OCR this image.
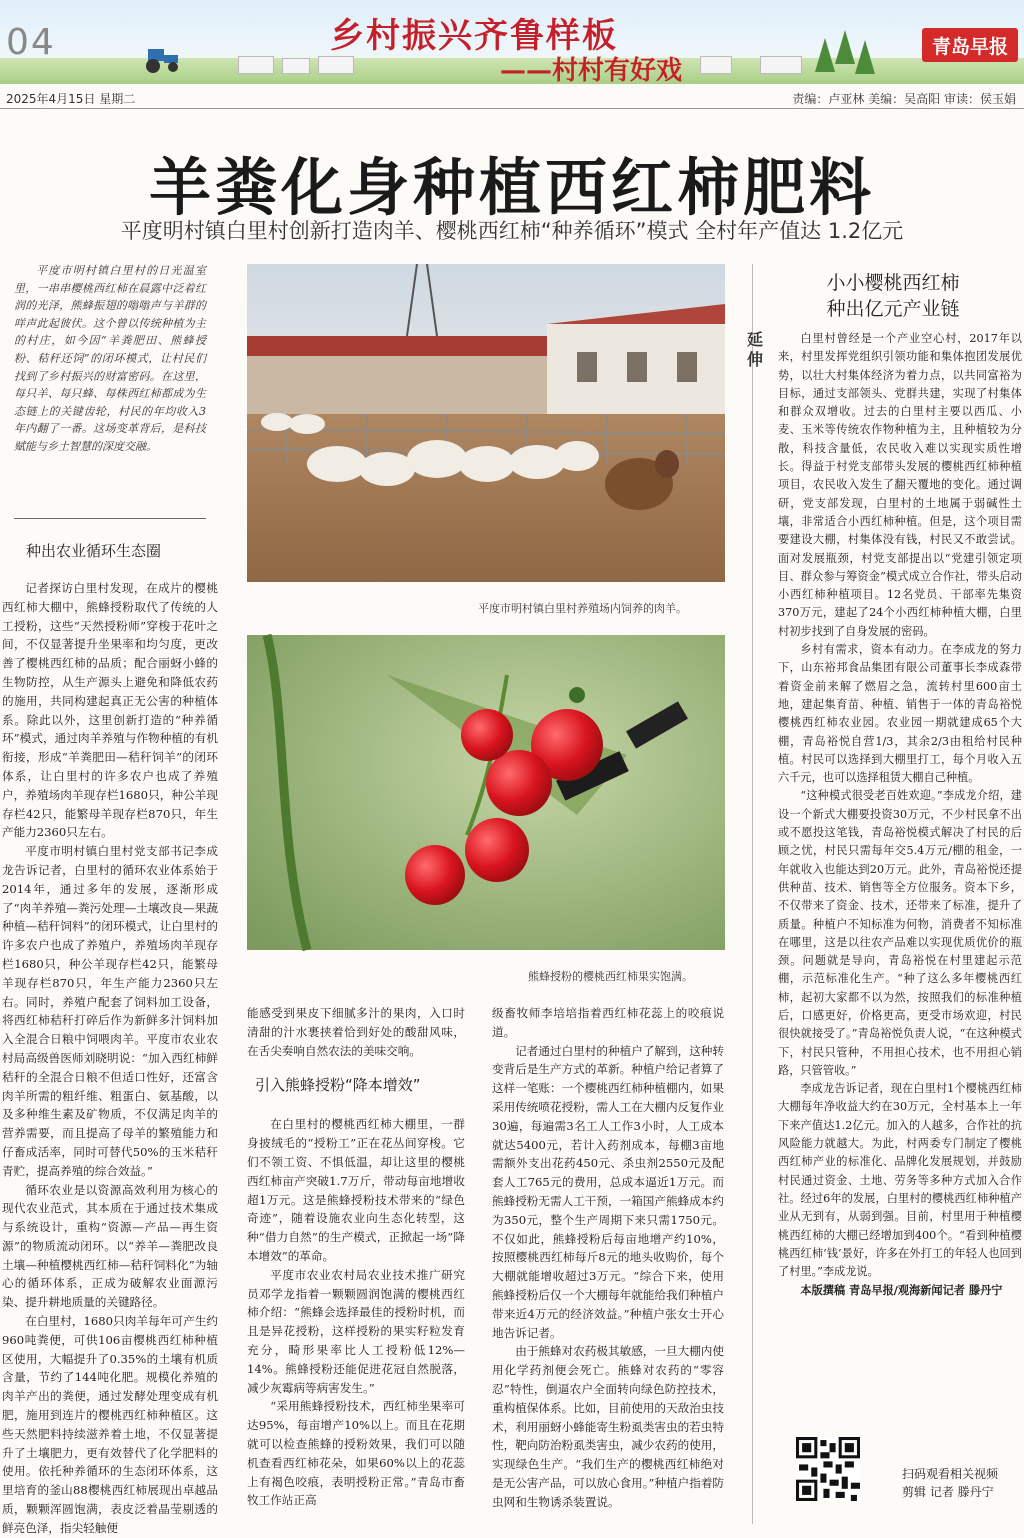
04	乡村振兴齐鲁样板
——村村有好戏
青岛早报
2025年4月15日 星期二	责编：卢亚林 美编：吴高阳 审读：侯玉娟
羊粪化身种植西红柿肥料
平度明村镇白里村创新打造肉羊、樱桃西红柿“种养循环”模式 全村年产值达 1.2亿元

平度市明村镇白里村的日光温室里，一串串樱桃西红柿在晨露中泛着红润的光泽，熊蜂振翅的嗡嗡声与羊群的咩声此起彼伏。这个曾以传统种植为主的村庄，如今因“羊粪肥田、熊蜂授粉、秸秆还饲”的闭环模式，让村民们找到了乡村振兴的财富密码。在这里，每只羊、每只蜂、每株西红柿都成为生态链上的关键齿轮，村民的年均收入3年内翻了一番。这场变革背后，是科技赋能与乡土智慧的深度交融。

种出农业循环生态圈

记者探访白里村发现，在成片的樱桃西红柿大棚中，熊蜂授粉取代了传统的人工授粉，这些“天然授粉师”穿梭于花叶之间，不仅显著提升坐果率和均匀度，更改善了樱桃西红柿的品质；配合丽蚜小蜂的生物防控，从生产源头上避免和降低农药的施用，共同构建起真正无公害的种植体系。除此以外，这里创新打造的“种养循环”模式，通过肉羊养殖与作物种植的有机衔接，形成“羊粪肥田—秸秆饲羊”的闭环体系，让白里村的许多农户也成了养殖户，养殖场肉羊现存栏1680只，种公羊现存栏42只，能繁母羊现存栏870只，年生产能力2360只左右。

平度市明村镇白里村党支部书记李成龙告诉记者，白里村的循环农业体系始于2014年，通过多年的发展，逐渐形成了“肉羊养殖—粪污处理—土壤改良—果蔬种植—秸秆饲料”的闭环模式，让白里村的许多农户也成了养殖户，养殖场肉羊现存栏1680只，种公羊现存栏42只，能繁母羊现存栏870只，年生产能力2360只左右。同时，养殖户配套了饲料加工设备，将西红柿秸秆打碎后作为新鲜多汁饲料加入全混合日粮中饲喂肉羊。平度市农业农村局高级兽医师刘晓明说：“加入西红柿鲜秸秆的全混合日粮不但适口性好，还富含肉羊所需的粗纤维、粗蛋白、氨基酸，以及多种维生素及矿物质，不仅满足肉羊的营养需要，而且提高了母羊的繁殖能力和仔畜成活率，同时可替代50%的玉米秸秆青贮，提高养殖的综合效益。”

循环农业是以资源高效利用为核心的现代农业范式，其本质在于通过技术集成与系统设计，重构“资源—产品—再生资源”的物质流动闭环。以“养羊—粪肥改良土壤—种植樱桃西红柿—秸秆饲料化”为轴心的循环体系，正成为破解农业面源污染、提升耕地质量的关键路径。

在白里村，1680只肉羊每年可产生约960吨粪便，可供106亩樱桃西红柿种植区使用，大幅提升了0.35%的土壤有机质含量，节约了144吨化肥。规模化养殖的肉羊产出的粪便，通过发酵处理变成有机肥，施用到连片的樱桃西红柿种植区。这些天然肥料持续滋养着土地，不仅显著提升了土壤肥力，更有效替代了化学肥料的使用。依托种养循环的生态闭环体系，这里培育的釜山88樱桃西红柿展现出卓越品质，颗颗浑圆饱满，表皮泛着晶莹剔透的鲜亮色泽，指尖轻触便

平度市明村镇白里村养殖场内饲养的肉羊。
熊蜂授粉的樱桃西红柿果实饱满。

能感受到果皮下细腻多汁的果肉，入口时清甜的汁水裹挟着恰到好处的酸甜风味，在舌尖奏响自然农法的美味交响。

引入熊蜂授粉“降本增效”

在白里村的樱桃西红柿大棚里，一群身披绒毛的“授粉工”正在花丛间穿梭。它们不领工资、不惧低温，却让这里的樱桃西红柿亩产突破1.7万斤，带动每亩地增收超1万元。这是熊蜂授粉技术带来的“绿色奇迹”，随着设施农业向生态化转型，这种“借力自然”的生产模式，正掀起一场“降本增效”的革命。

平度市农业农村局农业技术推广研究员邓学龙指着一颗颗圆润饱满的樱桃西红柿介绍：“熊蜂会选择最佳的授粉时机，而且是异花授粉，这样授粉的果实籽粒发育充分，畸形果率比人工授粉低12%—14%。熊蜂授粉还能促进花冠自然脱落，减少灰霉病等病害发生。”

“采用熊蜂授粉技术，西红柿坐果率可达95%，每亩增产10%以上。而且在花期就可以检查熊蜂的授粉效果，我们可以随机查看西红柿花朵，如果60%以上的花蕊上有褐色咬痕，表明授粉正常。”青岛市畜牧工作站正高

级畜牧师李培培指着西红柿花蕊上的咬痕说道。

记者通过白里村的种植户了解到，这种转变背后是生产方式的革新。种植户给记者算了这样一笔账：一个樱桃西红柿种植棚内，如果采用传统喷花授粉，需人工在大棚内反复作业30遍，每遍需3名工人工作3小时，人工成本就达5400元，若计入药剂成本，每棚3亩地需额外支出花药450元、杀虫剂2550元及配套人工765元的费用，总成本逼近1万元。而熊蜂授粉无需人工干预，一箱国产熊蜂成本约为350元，整个生产周期下来只需1750元。不仅如此，熊蜂授粉后每亩地增产约10%，按照樱桃西红柿每斤8元的地头收购价，每个大棚就能增收超过3万元。“综合下来，使用熊蜂授粉后仅一个大棚每年就能给我们种植户带来近4万元的经济效益。”种植户张女士开心地告诉记者。

由于熊蜂对农药极其敏感，一旦大棚内使用化学药剂便会死亡。熊蜂对农药的“零容忍”特性，倒逼农户全面转向绿色防控技术，重构植保体系。比如，目前使用的天敌治虫技术，利用丽蚜小蜂能寄生粉虱类害虫的若虫特性，靶向防治粉虱类害虫，减少农药的使用，实现绿色生产。“我们生产的樱桃西红柿绝对是无公害产品，可以放心食用。”种植户指着防虫网和生物诱杀装置说。

延伸
小小樱桃西红柿
种出亿元产业链

白里村曾经是一个产业空心村，2017年以来，村里发挥党组织引领功能和集体抱团发展优势，以壮大村集体经济为着力点，以共同富裕为目标，通过支部领头、党群共建，实现了村集体和群众双增收。过去的白里村主要以西瓜、小麦、玉米等传统农作物种植为主，且种植较为分散，科技含量低，农民收入难以实现实质性增长。得益于村党支部带头发展的樱桃西红柿种植项目，农民收入发生了翻天覆地的变化。通过调研，党支部发现，白里村的土地属于弱碱性土壤，非常适合小西红柿种植。但是，这个项目需要建设大棚，村集体没有钱，村民又不敢尝试。面对发展瓶颈，村党支部提出以“党建引领定项目、群众参与筹资金”模式成立合作社，带头启动小西红柿种植项目。12名党员、干部率先集资370万元，建起了24个小西红柿种植大棚，白里村初步找到了自身发展的密码。

乡村有需求，资本有动力。在李成龙的努力下，山东裕邦食品集团有限公司董事长李成森带着资金前来解了燃眉之急，流转村里600亩土地，建起集育苗、种植、销售于一体的青岛裕悦樱桃西红柿农业园。农业园一期就建成65个大棚，青岛裕悦自营1/3，其余2/3由租给村民种植。村民可以选择到大棚里打工，每个月收入五六千元，也可以选择租赁大棚自己种植。

“这种模式很受老百姓欢迎。”李成龙介绍，建设一个新式大棚要投资30万元，不少村民拿不出或不愿投这笔钱，青岛裕悦模式解决了村民的后顾之忧，村民只需每年交5.4万元/棚的租金，一年就收入也能达到20万元。此外，青岛裕悦还提供种苗、技术、销售等全方位服务。资本下乡，不仅带来了资金、技术，还带来了标准，提升了质量。种植户不知标准为何物，消费者不知标准在哪里，这是以往农产品难以实现优质优价的瓶颈。问题就是导向，青岛裕悦在村里建起示范棚，示范标准化生产。“种了这么多年樱桃西红柿，起初大家都不以为然，按照我们的标准种植后，口感更好，价格更高，更受市场欢迎，村民很快就接受了。”青岛裕悦负责人说，“在这种模式下，村民只管种，不用担心技术，也不用担心销路，只管管收。”

李成龙告诉记者，现在白里村1个樱桃西红柿大棚每年净收益大约在30万元，全村基本上一年下来产值达1.2亿元。加入的人越多，合作社的抗风险能力就越大。为此，村两委专门制定了樱桃西红柿产业的标准化、品牌化发展规划，并鼓励村民通过资金、土地、劳务等多种方式加入合作社。经过6年的发展，白里村的樱桃西红柿种植产业从无到有，从弱到强。目前，村里用于种植樱桃西红柿的大棚已经增加到400个。“看到种植樱桃西红柿‘钱’景好，许多在外打工的年轻人也回到了村里。”李成龙说。

本版撰稿 青岛早报/观海新闻记者 滕丹宁

扫码观看相关视频
剪辑 记者 滕丹宁
